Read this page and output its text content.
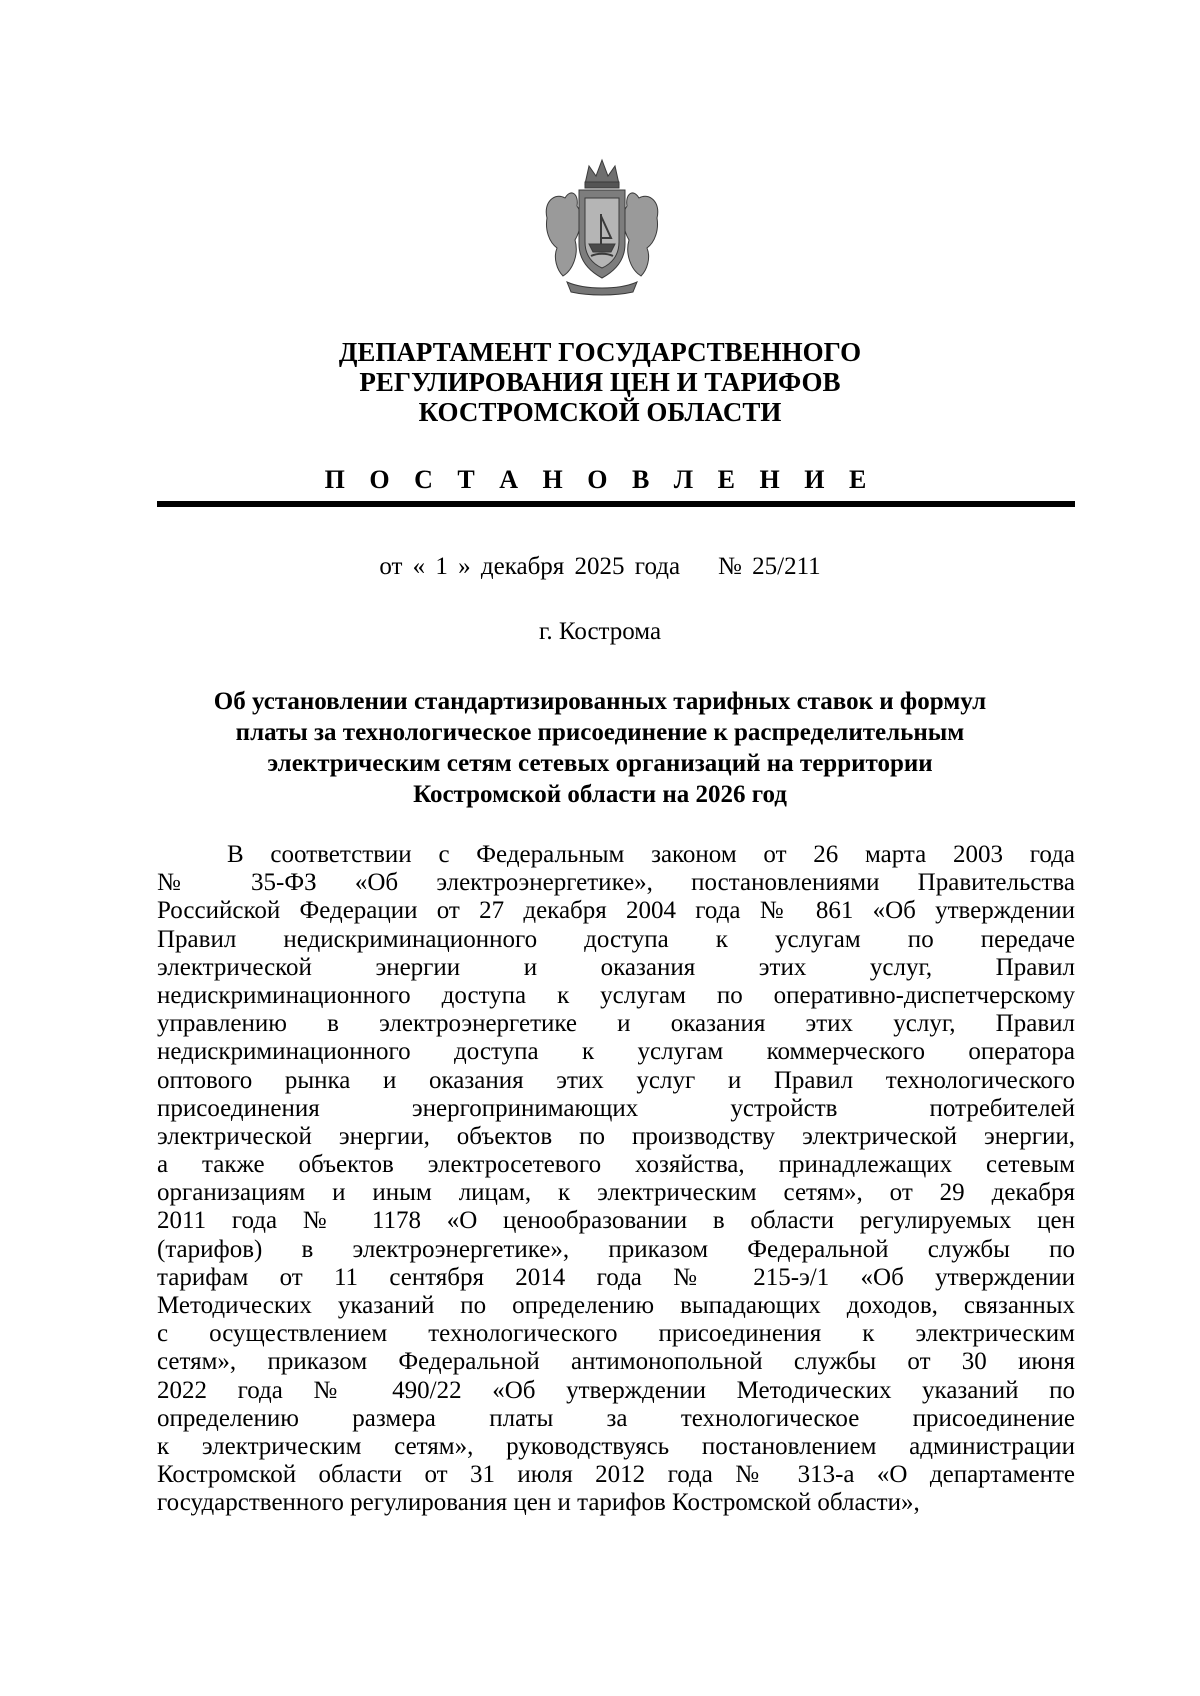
ДЕПАРТАМЕНТ ГОСУДАРСТВЕННОГО
РЕГУЛИРОВАНИЯ ЦЕН И ТАРИФОВ
КОСТРОМСКОЙ ОБЛАСТИ
П О С Т А Н О В Л Е Н И Е
от « 1 » декабря 2025 года № 25/211
г. Кострома
Об установлении стандартизированных тарифных ставок и формул
платы за технологическое присоединение к распределительным
электрическим сетям сетевых организаций на территории
Костромской области на 2026 год
В соответствии с Федеральным законом от 26 марта 2003 года
№ 35-ФЗ «Об электроэнергетике», постановлениями Правительства
Российской Федерации от 27 декабря 2004 года № 861 «Об утверждении
Правил недискриминационного доступа к услугам по передаче
электрической энергии и оказания этих услуг, Правил
недискриминационного доступа к услугам по оперативно-диспетчерскому
управлению в электроэнергетике и оказания этих услуг, Правил
недискриминационного доступа к услугам коммерческого оператора
оптового рынка и оказания этих услуг и Правил технологического
присоединения энергопринимающих устройств потребителей
электрической энергии, объектов по производству электрической энергии,
а также объектов электросетевого хозяйства, принадлежащих сетевым
организациям и иным лицам, к электрическим сетям», от 29 декабря
2011 года № 1178 «О ценообразовании в области регулируемых цен
(тарифов) в электроэнергетике», приказом Федеральной службы по
тарифам от 11 сентября 2014 года № 215-э/1 «Об утверждении
Методических указаний по определению выпадающих доходов, связанных
с осуществлением технологического присоединения к электрическим
сетям», приказом Федеральной антимонопольной службы от 30 июня
2022 года № 490/22 «Об утверждении Методических указаний по
определению размера платы за технологическое присоединение
к электрическим сетям», руководствуясь постановлением администрации
Костромской области от 31 июля 2012 года № 313-а «О департаменте
государственного регулирования цен и тарифов Костромской области»,
